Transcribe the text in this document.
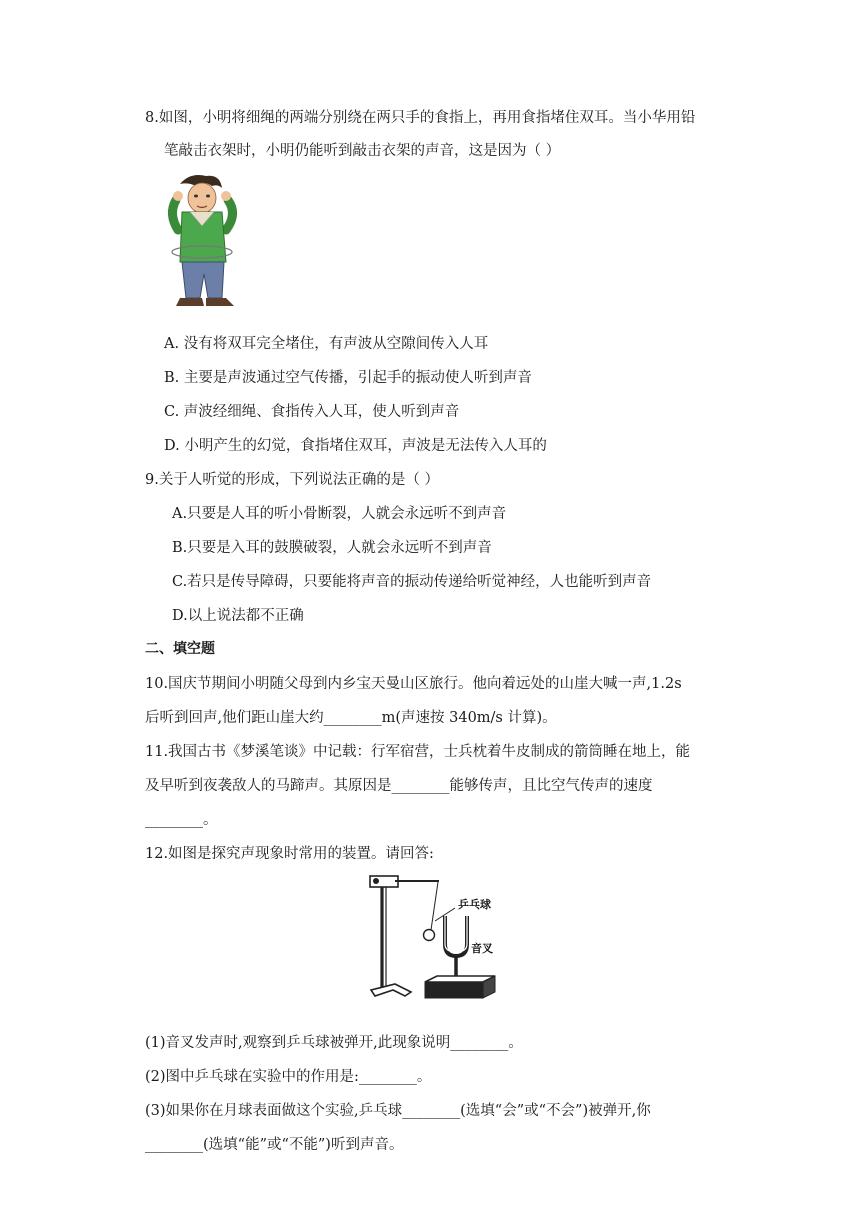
8.如图，小明将细绳的两端分别绕在两只手的食指上，再用食指堵住双耳。当小华用铅
笔敲击衣架时，小明仍能听到敲击衣架的声音，这是因为（ ）
A. 没有将双耳完全堵住，有声波从空隙间传入人耳
B. 主要是声波通过空气传播，引起手的振动使人听到声音
C. 声波经细绳、食指传入人耳，使人听到声音
D. 小明产生的幻觉，食指堵住双耳，声波是无法传入人耳的
9.关于人听觉的形成，下列说法正确的是（ ）
A.只要是人耳的听小骨断裂，人就会永远听不到声音
B.只要是入耳的鼓膜破裂，人就会永远听不到声音
C.若只是传导障碍，只要能将声音的振动传递给听觉神经，人也能听到声音
D.以上说法都不正确
二、填空题
10.国庆节期间小明随父母到内乡宝天曼山区旅行。他向着远处的山崖大喊一声,1.2s
后听到回声,他们距山崖大约________m(声速按 340m/s 计算)。
11.我国古书《梦溪笔谈》中记载：行军宿营，士兵枕着牛皮制成的箭筒睡在地上，能
及早听到夜袭敌人的马蹄声。其原因是________能够传声，且比空气传声的速度
________。
12.如图是探究声现象时常用的装置。请回答:
乒乓球
音叉
(1)音叉发声时,观察到乒乓球被弹开,此现象说明________。
(2)图中乒乓球在实验中的作用是:________。
(3)如果你在月球表面做这个实验,乒乓球________(选填“会”或“不会”)被弹开,你
________(选填“能”或“不能”)听到声音。
